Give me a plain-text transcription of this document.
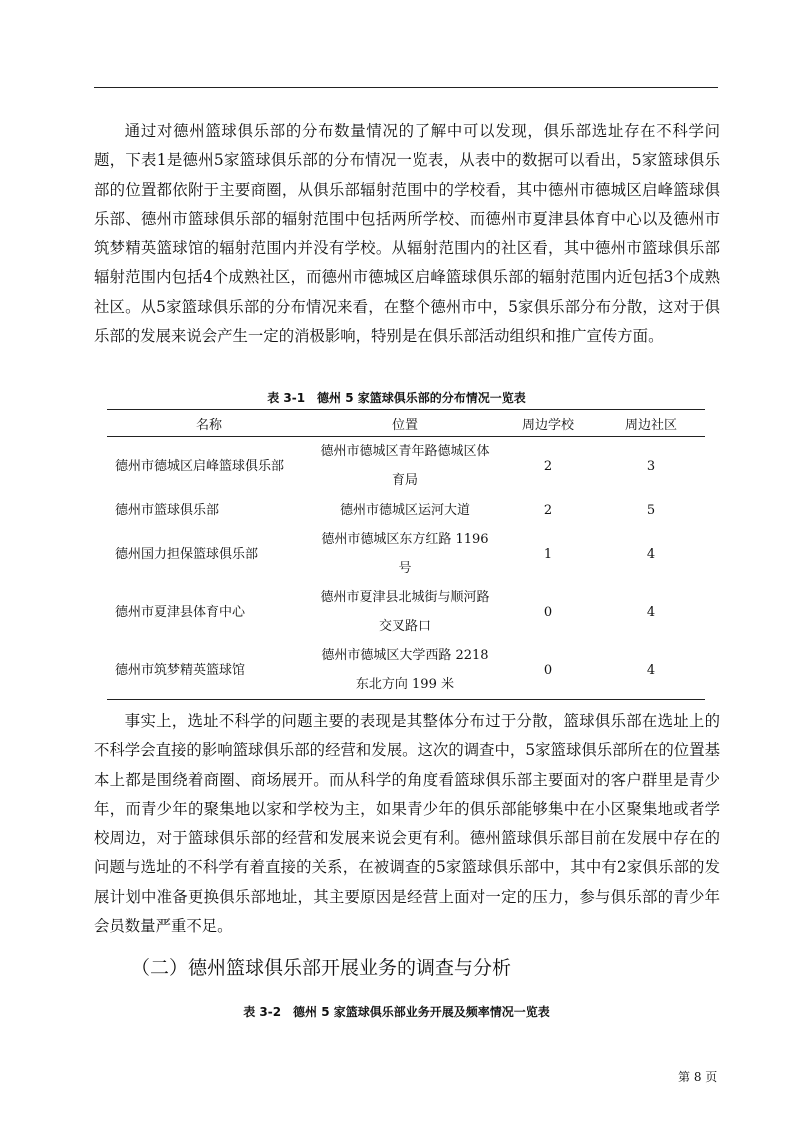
通过对德州篮球俱乐部的分布数量情况的了解中可以发现，俱乐部选址存在不科学问题，下表1是德州5家篮球俱乐部的分布情况一览表，从表中的数据可以看出，5家篮球俱乐部的位置都依附于主要商圈，从俱乐部辐射范围中的学校看，其中德州市德城区启峰篮球俱乐部、德州市篮球俱乐部的辐射范围中包括两所学校、而德州市夏津县体育中心以及德州市筑梦精英篮球馆的辐射范围内并没有学校。从辐射范围内的社区看，其中德州市篮球俱乐部辐射范围内包括4个成熟社区，而德州市德城区启峰篮球俱乐部的辐射范围内近包括3个成熟社区。从5家篮球俱乐部的分布情况来看，在整个德州市中，5家俱乐部分布分散，这对于俱乐部的发展来说会产生一定的消极影响，特别是在俱乐部活动组织和推广宣传方面。

表 3-1　德州 5 家篮球俱乐部的分布情况一览表
名称	位置	周边学校	周边社区
德州市德城区启峰篮球俱乐部	德州市德城区青年路德城区体育局	2	3
德州市篮球俱乐部	德州市德城区运河大道	2	5
德州国力担保篮球俱乐部	德州市德城区东方红路 1196 号	1	4
德州市夏津县体育中心	德州市夏津县北城街与顺河路交叉路口	0	4
德州市筑梦精英篮球馆	德州市德城区大学西路 2218 东北方向 199 米	0	4

事实上，选址不科学的问题主要的表现是其整体分布过于分散，篮球俱乐部在选址上的不科学会直接的影响篮球俱乐部的经营和发展。这次的调查中，5家篮球俱乐部所在的位置基本上都是围绕着商圈、商场展开。而从科学的角度看篮球俱乐部主要面对的客户群里是青少年，而青少年的聚集地以家和学校为主，如果青少年的俱乐部能够集中在小区聚集地或者学校周边，对于篮球俱乐部的经营和发展来说会更有利。德州篮球俱乐部目前在发展中存在的问题与选址的不科学有着直接的关系，在被调查的5家篮球俱乐部中，其中有2家俱乐部的发展计划中准备更换俱乐部地址，其主要原因是经营上面对一定的压力，参与俱乐部的青少年会员数量严重不足。

（二）德州篮球俱乐部开展业务的调查与分析
表 3-2　德州 5 家篮球俱乐部业务开展及频率情况一览表
第 8 页
